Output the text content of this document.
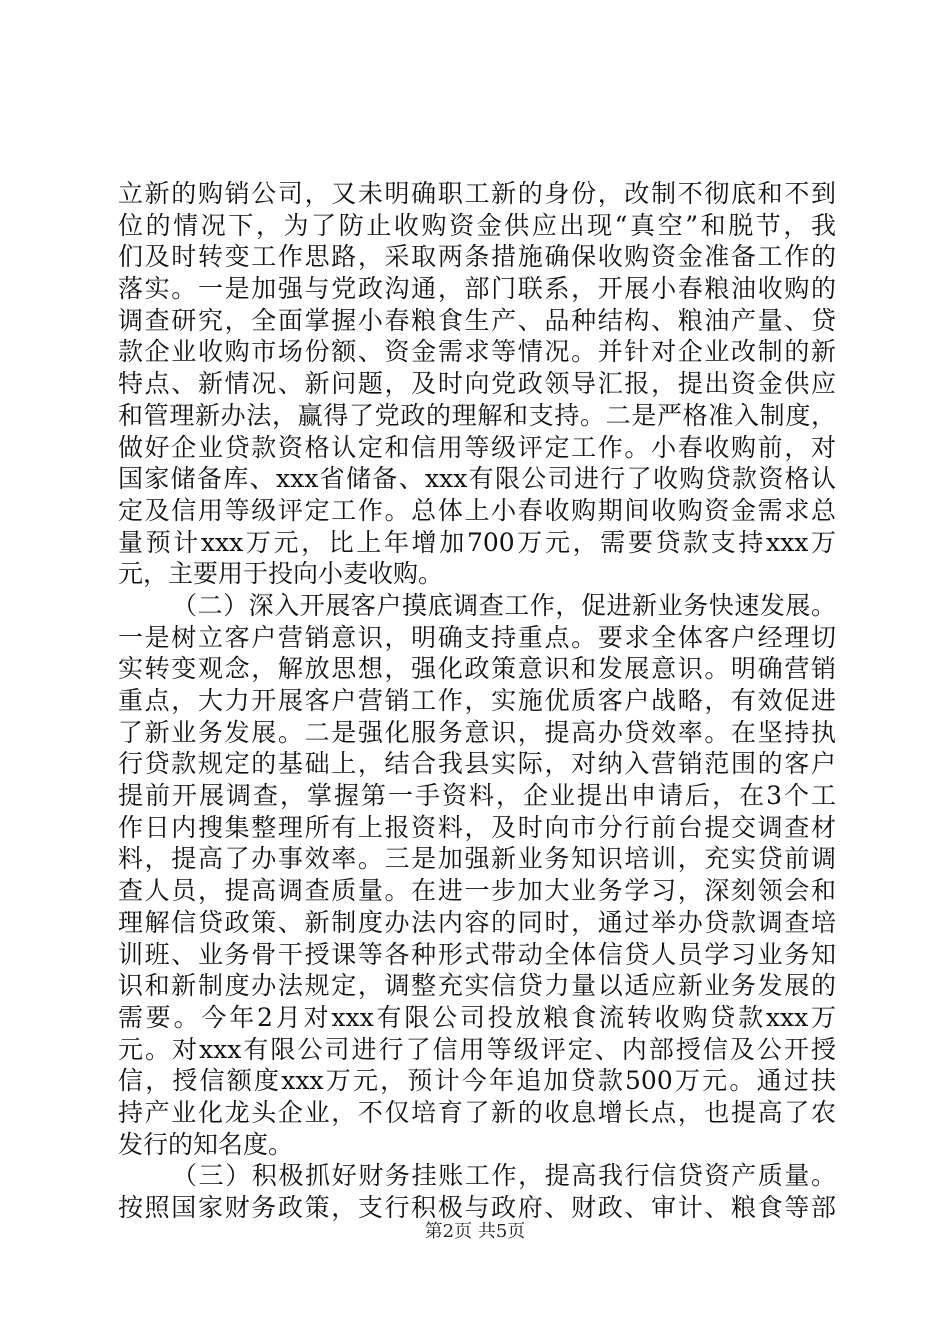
立新的购销公司，又未明确职工新的身份，改制不彻底和不到
位的情况下，为了防止收购资金供应出现“真空”和脱节，我
们及时转变工作思路，采取两条措施确保收购资金准备工作的
落实。一是加强与党政沟通，部门联系，开展小春粮油收购的
调查研究，全面掌握小春粮食生产、品种结构、粮油产量、贷
款企业收购市场份额、资金需求等情况。并针对企业改制的新
特点、新情况、新问题，及时向党政领导汇报，提出资金供应
和管理新办法，赢得了党政的理解和支持。二是严格准入制度，
做好企业贷款资格认定和信用等级评定工作。小春收购前，对
国家储备库、xxx省储备、xxx有限公司进行了收购贷款资格认
定及信用等级评定工作。总体上小春收购期间收购资金需求总
量预计xxx万元，比上年增加700万元，需要贷款支持xxx万
元，主要用于投向小麦收购。
（二）深入开展客户摸底调查工作，促进新业务快速发展。
一是树立客户营销意识，明确支持重点。要求全体客户经理切
实转变观念，解放思想，强化政策意识和发展意识。明确营销
重点，大力开展客户营销工作，实施优质客户战略，有效促进
了新业务发展。二是强化服务意识，提高办贷效率。在坚持执
行贷款规定的基础上，结合我县实际，对纳入营销范围的客户
提前开展调查，掌握第一手资料，企业提出申请后，在3个工
作日内搜集整理所有上报资料，及时向市分行前台提交调查材
料，提高了办事效率。三是加强新业务知识培训，充实贷前调
查人员，提高调查质量。在进一步加大业务学习，深刻领会和
理解信贷政策、新制度办法内容的同时，通过举办贷款调查培
训班、业务骨干授课等各种形式带动全体信贷人员学习业务知
识和新制度办法规定，调整充实信贷力量以适应新业务发展的
需要。今年2月对xxx有限公司投放粮食流转收购贷款xxx万
元。对xxx有限公司进行了信用等级评定、内部授信及公开授
信，授信额度xxx万元，预计今年追加贷款500万元。通过扶
持产业化龙头企业，不仅培育了新的收息增长点，也提高了农
发行的知名度。
（三）积极抓好财务挂账工作，提高我行信贷资产质量。
按照国家财务政策，支行积极与政府、财政、审计、粮食等部
第2页 共5页
